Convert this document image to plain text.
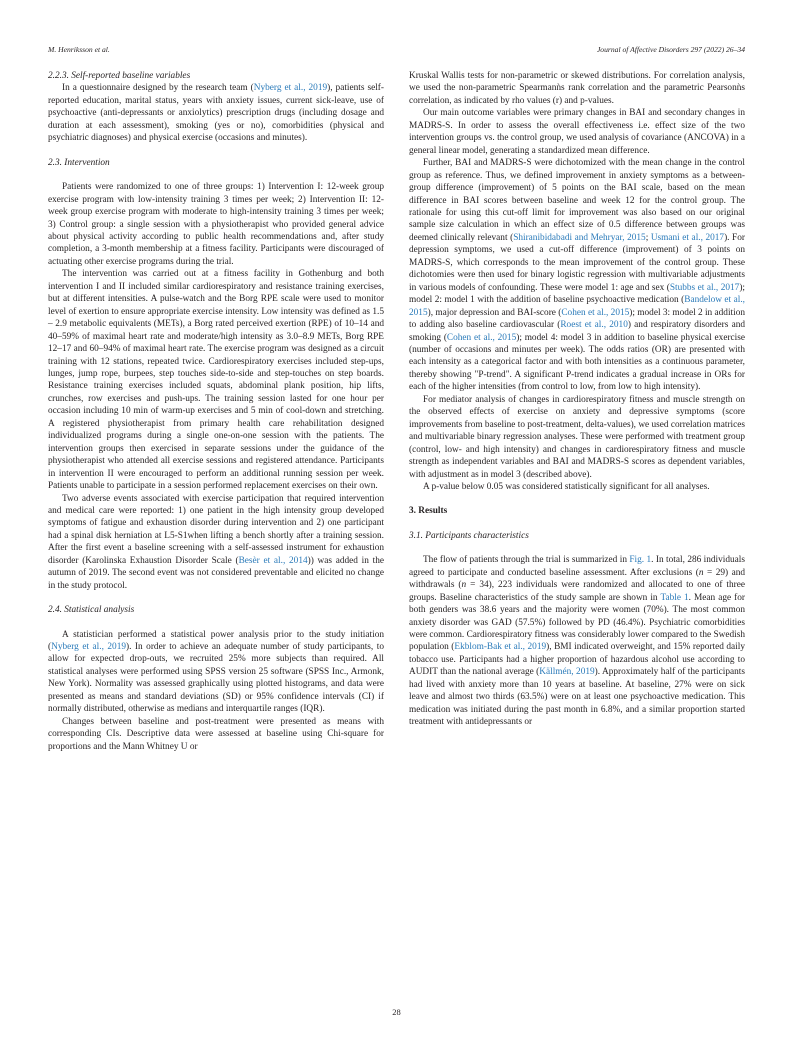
M. Henriksson et al.	Journal of Affective Disorders 297 (2022) 26–34
2.2.3. Self-reported baseline variables

In a questionnaire designed by the research team (Nyberg et al., 2019), patients self-reported education, marital status, years with anxiety issues, current sick-leave, use of psychoactive (anti-depressants or anxiolytics) prescription drugs (including dosage and duration at each assessment), smoking (yes or no), comorbidities (physical and psychiatric diagnoses) and physical exercise (occasions and minutes).

2.3. Intervention

Patients were randomized to one of three groups: 1) Intervention I: 12-week group exercise program with low-intensity training 3 times per week; 2) Intervention II: 12-week group exercise program with moderate to high-intensity training 3 times per week; 3) Control group: a single session with a physiotherapist who provided general advice about physical activity according to public health recommendations and, after study completion, a 3-month membership at a fitness facility. Participants were discouraged of actuating other exercise programs during the trial.

The intervention was carried out at a fitness facility in Gothenburg and both intervention I and II included similar cardiorespiratory and resistance training exercises, but at different intensities. A pulse-watch and the Borg RPE scale were used to monitor level of exertion to ensure appropriate exercise intensity. Low intensity was defined as 1.5 – 2.9 metabolic equivalents (METs), a Borg rated perceived exertion (RPE) of 10–14 and 40–59% of maximal heart rate and moderate/high intensity as 3.0–8.9 METs, Borg RPE 12–17 and 60–94% of maximal heart rate. The exercise program was designed as a circuit training with 12 stations, repeated twice. Cardiorespiratory exercises included step-ups, lunges, jump rope, burpees, step touches side-to-side and step-touches on step boards. Resistance training exercises included squats, abdominal plank position, hip lifts, crunches, row exercises and push-ups. The training session lasted for one hour per occasion including 10 min of warm-up exercises and 5 min of cool-down and stretching. A registered physiotherapist from primary health care rehabilitation designed individualized programs during a single one-on-one session with the patients. The intervention groups then exercised in separate sessions under the guidance of the physiotherapist who attended all exercise sessions and registered attendance. Participants in intervention II were encouraged to perform an additional running session per week. Patients unable to participate in a session performed replacement exercises on their own.

Two adverse events associated with exercise participation that required intervention and medical care were reported: 1) one patient in the high intensity group developed symptoms of fatigue and exhaustion disorder during intervention and 2) one participant had a spinal disk herniation at L5-S1when lifting a bench shortly after a training session. After the first event a baseline screening with a self-assessed instrument for exhaustion disorder (Karolinska Exhaustion Disorder Scale (Besèr et al., 2014)) was added in the autumn of 2019. The second event was not considered preventable and elicited no change in the study protocol.

2.4. Statistical analysis

A statistician performed a statistical power analysis prior to the study initiation (Nyberg et al., 2019). In order to achieve an adequate number of study participants, to allow for expected drop-outs, we recruited 25% more subjects than required. All statistical analyses were performed using SPSS version 25 software (SPSS Inc., Armonk, New York). Normality was assessed graphically using plotted histograms, and data were presented as means and standard deviations (SD) or 95% confidence intervals (CI) if normally distributed, otherwise as medians and interquartile ranges (IQR).

Changes between baseline and post-treatment were presented as means with corresponding CIs. Descriptive data were assessed at baseline using Chi-square for proportions and the Mann Whitney U or

Kruskal Wallis tests for non-parametric or skewed distributions. For correlation analysis, we used the non-parametric Spearmanǹs rank correlation and the parametric Pearsonǹs correlation, as indicated by rho values (r) and p-values.

Our main outcome variables were primary changes in BAI and secondary changes in MADRS-S. In order to assess the overall effectiveness i.e. effect size of the two intervention groups vs. the control group, we used analysis of covariance (ANCOVA) in a general linear model, generating a standardized mean difference.

Further, BAI and MADRS-S were dichotomized with the mean change in the control group as reference. Thus, we defined improvement in anxiety symptoms as a between-group difference (improvement) of 5 points on the BAI scale, based on the mean difference in BAI scores between baseline and week 12 for the control group. The rationale for using this cut-off limit for improvement was also based on our original sample size calculation in which an effect size of 0.5 difference between groups was deemed clinically relevant (Shiranibidabadi and Mehryar, 2015; Usmani et al., 2017). For depression symptoms, we used a cut-off difference (improvement) of 3 points on MADRS-S, which corresponds to the mean improvement of the control group. These dichotomies were then used for binary logistic regression with multivariable adjustments in various models of confounding. These were model 1: age and sex (Stubbs et al., 2017); model 2: model 1 with the addition of baseline psychoactive medication (Bandelow et al., 2015), major depression and BAI-score (Cohen et al., 2015); model 3: model 2 in addition to adding also baseline cardiovascular (Roest et al., 2010) and respiratory disorders and smoking (Cohen et al., 2015); model 4: model 3 in addition to baseline physical exercise (number of occasions and minutes per week). The odds ratios (OR) are presented with each intensity as a categorical factor and with both intensities as a continuous parameter, thereby showing "P-trend". A significant P-trend indicates a gradual increase in ORs for each of the higher intensities (from control to low, from low to high intensity).

For mediator analysis of changes in cardiorespiratory fitness and muscle strength on the observed effects of exercise on anxiety and depressive symptoms (score improvements from baseline to post-treatment, delta-values), we used correlation matrices and multivariable binary regression analyses. These were performed with treatment group (control, low- and high intensity) and changes in cardiorespiratory fitness and muscle strength as independent variables and BAI and MADRS-S scores as dependent variables, with adjustment as in model 3 (described above).

A p-value below 0.05 was considered statistically significant for all analyses.

3. Results
3.1. Participants characteristics

The flow of patients through the trial is summarized in Fig. 1. In total, 286 individuals agreed to participate and conducted baseline assessment. After exclusions (n = 29) and withdrawals (n = 34), 223 individuals were randomized and allocated to one of three groups. Baseline characteristics of the study sample are shown in Table 1. Mean age for both genders was 38.6 years and the majority were women (70%). The most common anxiety disorder was GAD (57.5%) followed by PD (46.4%). Psychiatric comorbidities were common. Cardiorespiratory fitness was considerably lower compared to the Swedish population (Ekblom-Bak et al., 2019), BMI indicated overweight, and 15% reported daily tobacco use. Participants had a higher proportion of hazardous alcohol use according to AUDIT than the national average (Källmén, 2019). Approximately half of the participants had lived with anxiety more than 10 years at baseline. At baseline, 27% were on sick leave and almost two thirds (63.5%) were on at least one psychoactive medication. This medication was initiated during the past month in 6.8%, and a similar proportion started treatment with antidepressants or

28
